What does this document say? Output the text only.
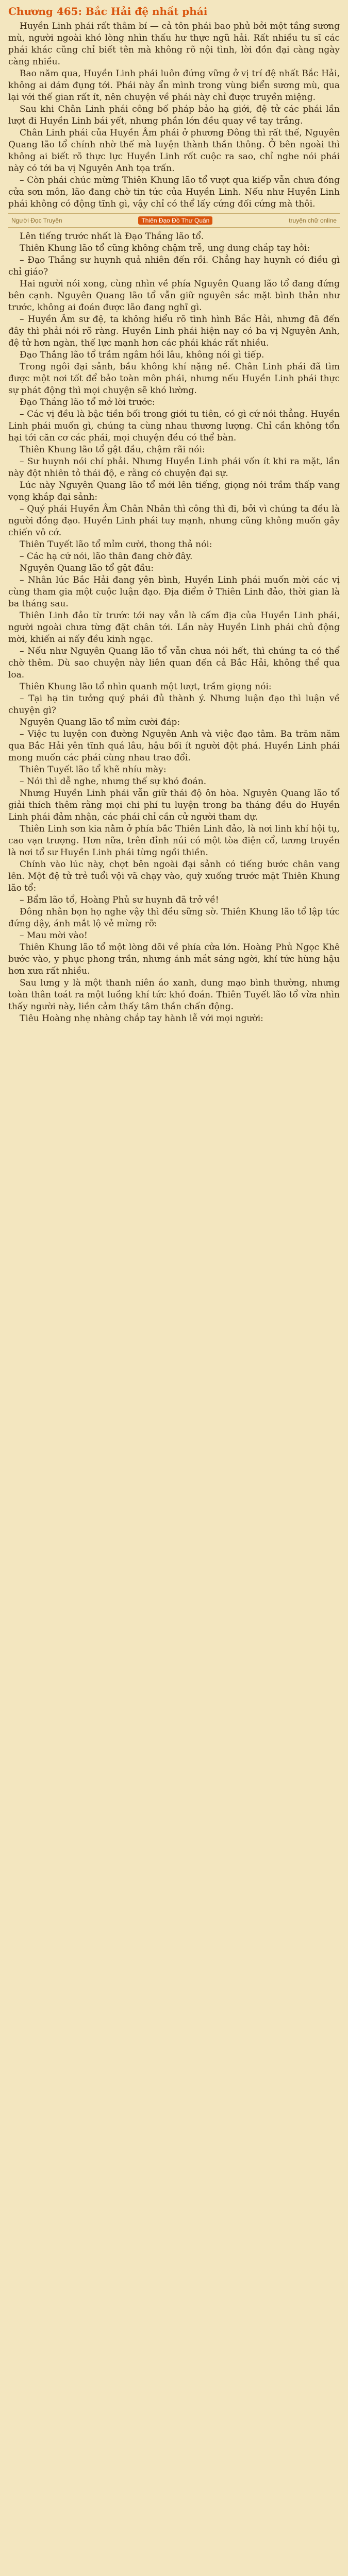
Chương 465: Bắc Hải đệ nhất phái

Huyền Linh phái rất thâm bí — cả tôn phái bao phủ bởi một tầng sương mù, người ngoài khó lòng nhìn thấu hư thực ngũ hải. Rất nhiều tu sĩ các phái khác cũng chỉ biết tên mà không rõ nội tình, lời đồn đại càng ngày càng nhiều.

Bao năm qua, Huyền Linh phái luôn đứng vững ở vị trí đệ nhất Bắc Hải, không ai dám đụng tới. Phái này ẩn mình trong vùng biển sương mù, qua lại với thế gian rất ít, nên chuyện về phái này chỉ được truyền miệng.

Sau khi Chân Linh phái công bố pháp bảo hạ giới, đệ tử các phái lần lượt đi Huyền Linh bái yết, nhưng phần lớn đều quay về tay trắng.

Chân Linh phái của Huyền Âm phái ở phương Đông thì rất thế, Nguyên Quang lão tổ chính nhờ thế mà luyện thành thần thông. Ở bên ngoài thì không ai biết rõ thực lực Huyền Linh rốt cuộc ra sao, chỉ nghe nói phái này có tới ba vị Nguyên Anh tọa trấn.

– Còn phái chúc mừng Thiên Khung lão tổ vượt qua kiếp vẫn chưa đóng cửa sơn môn, lão đang chờ tin tức của Huyền Linh. Nếu như Huyền Linh phái không có động tĩnh gì, vậy chỉ có thể lấy cứng đối cứng mà thôi.

Người Đọc Truyện	Thiên Đạo Đồ Thư Quán	truyện chữ online

Lên tiếng trước nhất là Đạo Thắng lão tổ.

Thiên Khung lão tổ cũng không chậm trễ, ung dung chắp tay hỏi:

– Đạo Thắng sư huynh quả nhiên đến rồi. Chẳng hay huynh có điều gì chỉ giáo?

Hai người nói xong, cùng nhìn về phía Nguyên Quang lão tổ đang đứng bên cạnh. Nguyên Quang lão tổ vẫn giữ nguyên sắc mặt bình thản như trước, không ai đoán được lão đang nghĩ gì.

– Huyền Âm sư đệ, ta không hiểu rõ tình hình Bắc Hải, nhưng đã đến đây thì phải nói rõ ràng. Huyền Linh phái hiện nay có ba vị Nguyên Anh, đệ tử hơn ngàn, thế lực mạnh hơn các phái khác rất nhiều.

Đạo Thắng lão tổ trầm ngâm hồi lâu, không nói gì tiếp.

Trong ngôi đại sảnh, bầu không khí nặng nề. Chân Linh phái đã tìm được một nơi tốt để bảo toàn môn phái, nhưng nếu Huyền Linh phái thực sự phát động thì mọi chuyện sẽ khó lường.

Đạo Thắng lão tổ mở lời trước:

– Các vị đều là bậc tiền bối trong giới tu tiên, có gì cứ nói thẳng. Huyền Linh phái muốn gì, chúng ta cùng nhau thương lượng. Chỉ cần không tổn hại tới căn cơ các phái, mọi chuyện đều có thể bàn.

Thiên Khung lão tổ gật đầu, chậm rãi nói:

– Sư huynh nói chí phải. Nhưng Huyền Linh phái vốn ít khi ra mặt, lần này đột nhiên tỏ thái độ, e rằng có chuyện đại sự.

Lúc này Nguyên Quang lão tổ mới lên tiếng, giọng nói trầm thấp vang vọng khắp đại sảnh:

– Quý phái Huyền Âm Chân Nhân thì công thì đi, bởi vì chúng ta đều là người đồng đạo. Huyền Linh phái tuy mạnh, nhưng cũng không muốn gây chiến vô cớ.

Thiên Tuyết lão tổ mỉm cười, thong thả nói:

– Các hạ cứ nói, lão thân đang chờ đây.

Nguyên Quang lão tổ gật đầu:

– Nhân lúc Bắc Hải đang yên bình, Huyền Linh phái muốn mời các vị cùng tham gia một cuộc luận đạo. Địa điểm ở Thiên Linh đảo, thời gian là ba tháng sau.

Thiên Linh đảo từ trước tới nay vẫn là cấm địa của Huyền Linh phái, người ngoài chưa từng đặt chân tới. Lần này Huyền Linh phái chủ động mời, khiến ai nấy đều kinh ngạc.

– Nếu như Nguyên Quang lão tổ vẫn chưa nói hết, thì chúng ta có thể chờ thêm. Dù sao chuyện này liên quan đến cả Bắc Hải, không thể qua loa.

Thiên Khung lão tổ nhìn quanh một lượt, trầm giọng nói:

– Tại hạ tin tưởng quý phái đủ thành ý. Nhưng luận đạo thì luận về chuyện gì?

Nguyên Quang lão tổ mỉm cười đáp:

– Việc tu luyện con đường Nguyên Anh và việc đạo tâm. Ba trăm năm qua Bắc Hải yên tĩnh quá lâu, hậu bối ít người đột phá. Huyền Linh phái mong muốn các phái cùng nhau trao đổi.

Thiên Tuyết lão tổ khẽ nhíu mày:

– Nói thì dễ nghe, nhưng thế sự khó đoán.

Nhưng Huyền Linh phái vẫn giữ thái độ ôn hòa. Nguyên Quang lão tổ giải thích thêm rằng mọi chi phí tu luyện trong ba tháng đều do Huyền Linh phái đảm nhận, các phái chỉ cần cử người tham dự.

Thiên Linh sơn kia nằm ở phía bắc Thiên Linh đảo, là nơi linh khí hội tụ, cao vạn trượng. Hơn nữa, trên đỉnh núi có một tòa điện cổ, tương truyền là nơi tổ sư Huyền Linh phái từng ngồi thiền.

Chính vào lúc này, chợt bên ngoài đại sảnh có tiếng bước chân vang lên. Một đệ tử trẻ tuổi vội vã chạy vào, quỳ xuống trước mặt Thiên Khung lão tổ:

– Bẩm lão tổ, Hoàng Phủ sư huynh đã trở về!

Đông nhân bọn họ nghe vậy thì đều sững sờ. Thiên Khung lão tổ lập tức đứng dậy, ánh mắt lộ vẻ mừng rỡ:

– Mau mời vào!

Thiên Khung lão tổ một lòng dõi về phía cửa lớn. Hoàng Phủ Ngọc Khê bước vào, y phục phong trần, nhưng ánh mắt sáng ngời, khí tức hùng hậu hơn xưa rất nhiều.

Sau lưng y là một thanh niên áo xanh, dung mạo bình thường, nhưng toàn thân toát ra một luồng khí tức khó đoán. Thiên Tuyết lão tổ vừa nhìn thấy người này, liền cảm thấy tâm thần chấn động.

Tiêu Hoàng nhẹ nhàng chắp tay hành lễ với mọi người:
